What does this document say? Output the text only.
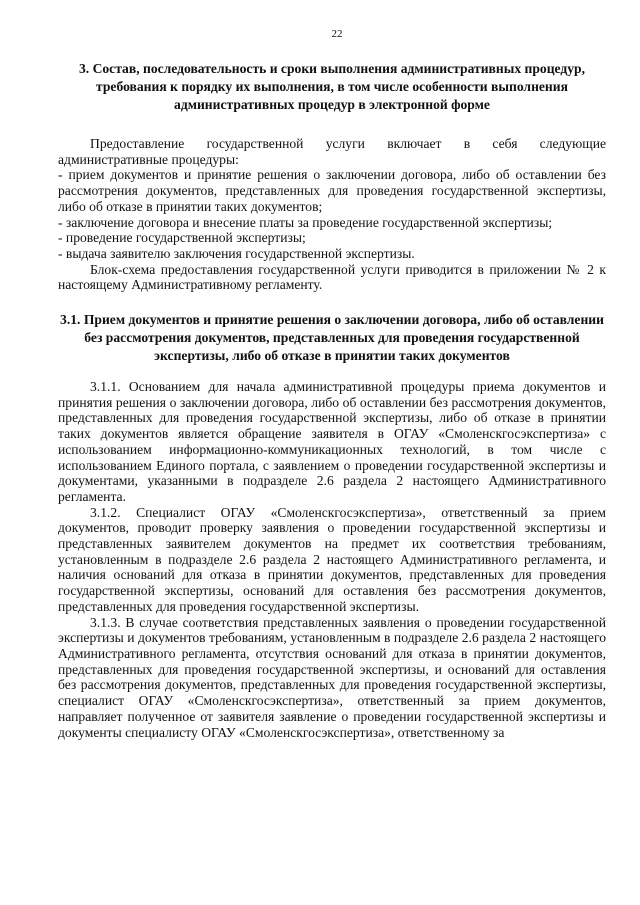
22
3. Состав, последовательность и сроки выполнения административных процедур, требования к порядку их выполнения, в том числе особенности выполнения административных процедур в электронной форме

Предоставление государственной услуги включает в себя следующие административные процедуры:

- прием документов и принятие решения о заключении договора, либо об оставлении без рассмотрения документов, представленных для проведения государственной экспертизы, либо об отказе в принятии таких документов;

- заключение договора и внесение платы за проведение государственной экспертизы;

- проведение государственной экспертизы;

- выдача заявителю заключения государственной экспертизы.

Блок-схема предоставления государственной услуги приводится в приложении № 2 к настоящему Административному регламенту.

3.1. Прием документов и принятие решения о заключении договора, либо об оставлении без рассмотрения документов, представленных для проведения государственной экспертизы, либо об отказе в принятии таких документов

3.1.1. Основанием для начала административной процедуры приема документов и принятия решения о заключении договора, либо об оставлении без рассмотрения документов, представленных для проведения государственной экспертизы, либо об отказе в принятии таких документов является обращение заявителя в ОГАУ «Смоленскгосэкспертиза» с использованием информационно-коммуникационных технологий, в том числе с использованием Единого портала, с заявлением о проведении государственной экспертизы и документами, указанными в подразделе 2.6 раздела 2 настоящего Административного регламента.

3.1.2. Специалист ОГАУ «Смоленскгосэкспертиза», ответственный за прием документов, проводит проверку заявления о проведении государственной экспертизы и представленных заявителем документов на предмет их соответствия требованиям, установленным в подразделе 2.6 раздела 2 настоящего Административного регламента, и наличия оснований для отказа в принятии документов, представленных для проведения государственной экспертизы, оснований для оставления без рассмотрения документов, представленных для проведения государственной экспертизы.

3.1.3. В случае соответствия представленных заявления о проведении государственной экспертизы и документов требованиям, установленным в подразделе 2.6 раздела 2 настоящего Административного регламента, отсутствия оснований для отказа в принятии документов, представленных для проведения государственной экспертизы, и оснований для оставления без рассмотрения документов, представленных для проведения государственной экспертизы, специалист ОГАУ «Смоленскгосэкспертиза», ответственный за прием документов, направляет полученное от заявителя заявление о проведении государственной экспертизы и документы специалисту ОГАУ «Смоленскгосэкспертиза», ответственному за
